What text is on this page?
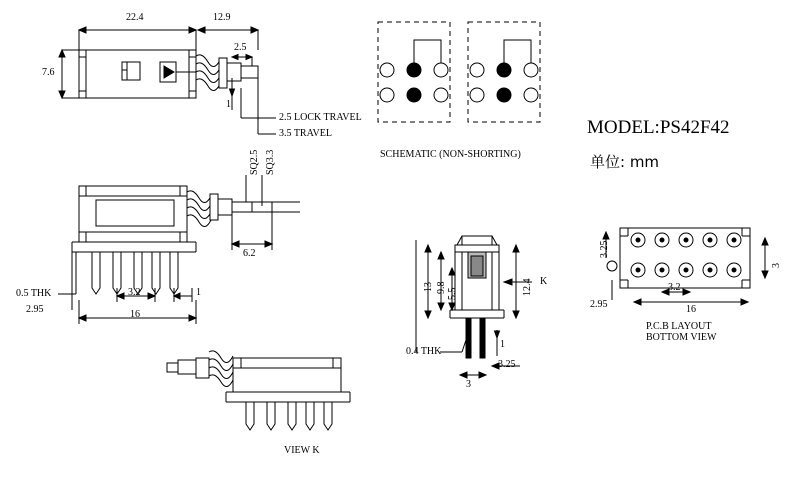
22.4	12.9
7.6
2.5
1
2.5 LOCK TRAVEL
3.5 TRAVEL
SCHEMATIC (NON-SHORTING)
SQ2.5 SQ3.3
6.2
0.5 THK	3.2	1
2.95	16
VIEW K
13 9.8 5.5	12.4 K
0.4 THK
1
3
3.25
3.25
3
2.95
3.2
16
P.C.B LAYOUT
BOTTOM VIEW
MODEL:PS42F42
单位: mm
